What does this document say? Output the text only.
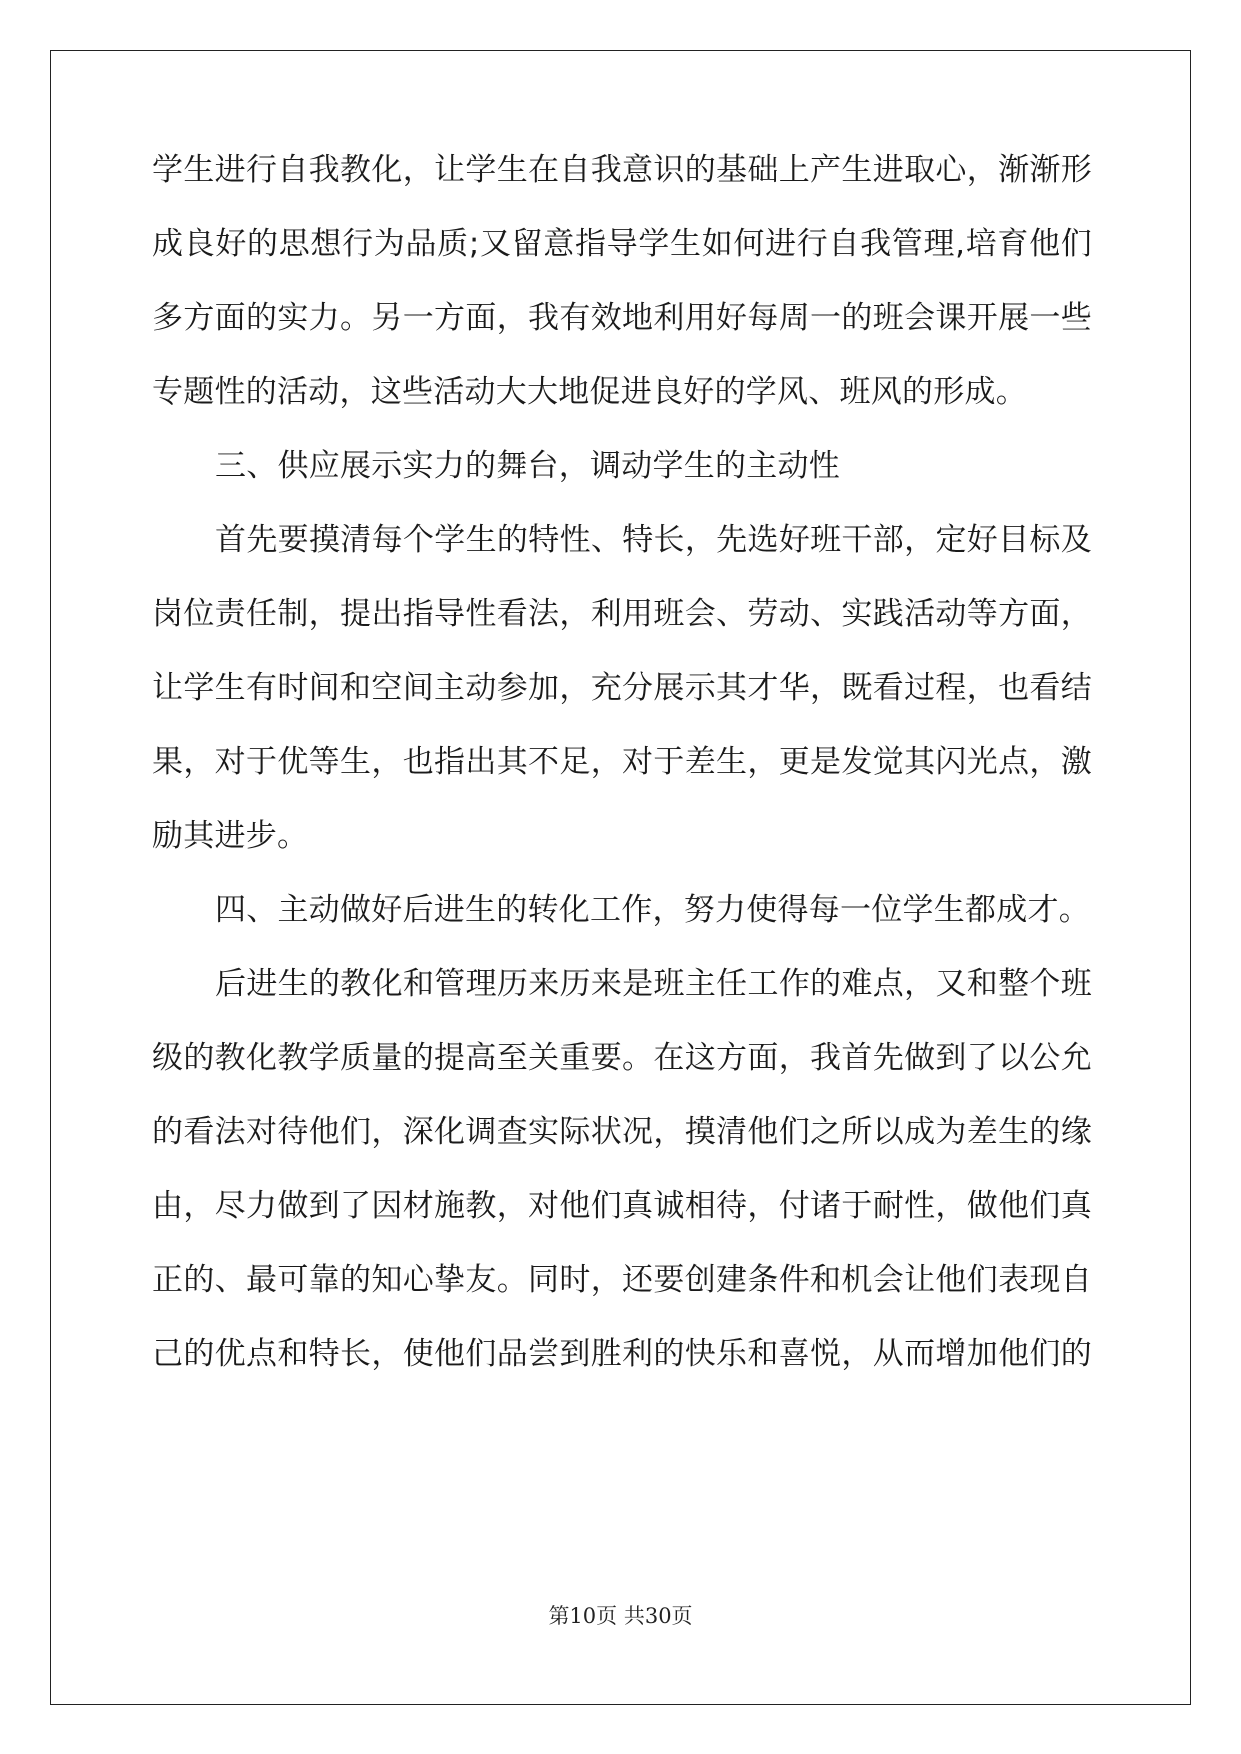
学生进行自我教化，让学生在自我意识的基础上产生进取心，渐渐形
成良好的思想行为品质;又留意指导学生如何进行自我管理,培育他们
多方面的实力。另一方面，我有效地利用好每周一的班会课开展一些
专题性的活动，这些活动大大地促进良好的学风、班风的形成。
三、供应展示实力的舞台，调动学生的主动性
首先要摸清每个学生的特性、特长，先选好班干部，定好目标及
岗位责任制，提出指导性看法，利用班会、劳动、实践活动等方面，
让学生有时间和空间主动参加，充分展示其才华，既看过程，也看结
果，对于优等生，也指出其不足，对于差生，更是发觉其闪光点，激
励其进步。
四、主动做好后进生的转化工作，努力使得每一位学生都成才。
后进生的教化和管理历来历来是班主任工作的难点，又和整个班
级的教化教学质量的提高至关重要。在这方面，我首先做到了以公允
的看法对待他们，深化调查实际状况，摸清他们之所以成为差生的缘
由，尽力做到了因材施教，对他们真诚相待，付诸于耐性，做他们真
正的、最可靠的知心挚友。同时，还要创建条件和机会让他们表现自
己的优点和特长，使他们品尝到胜利的快乐和喜悦，从而增加他们的
第10页 共30页
